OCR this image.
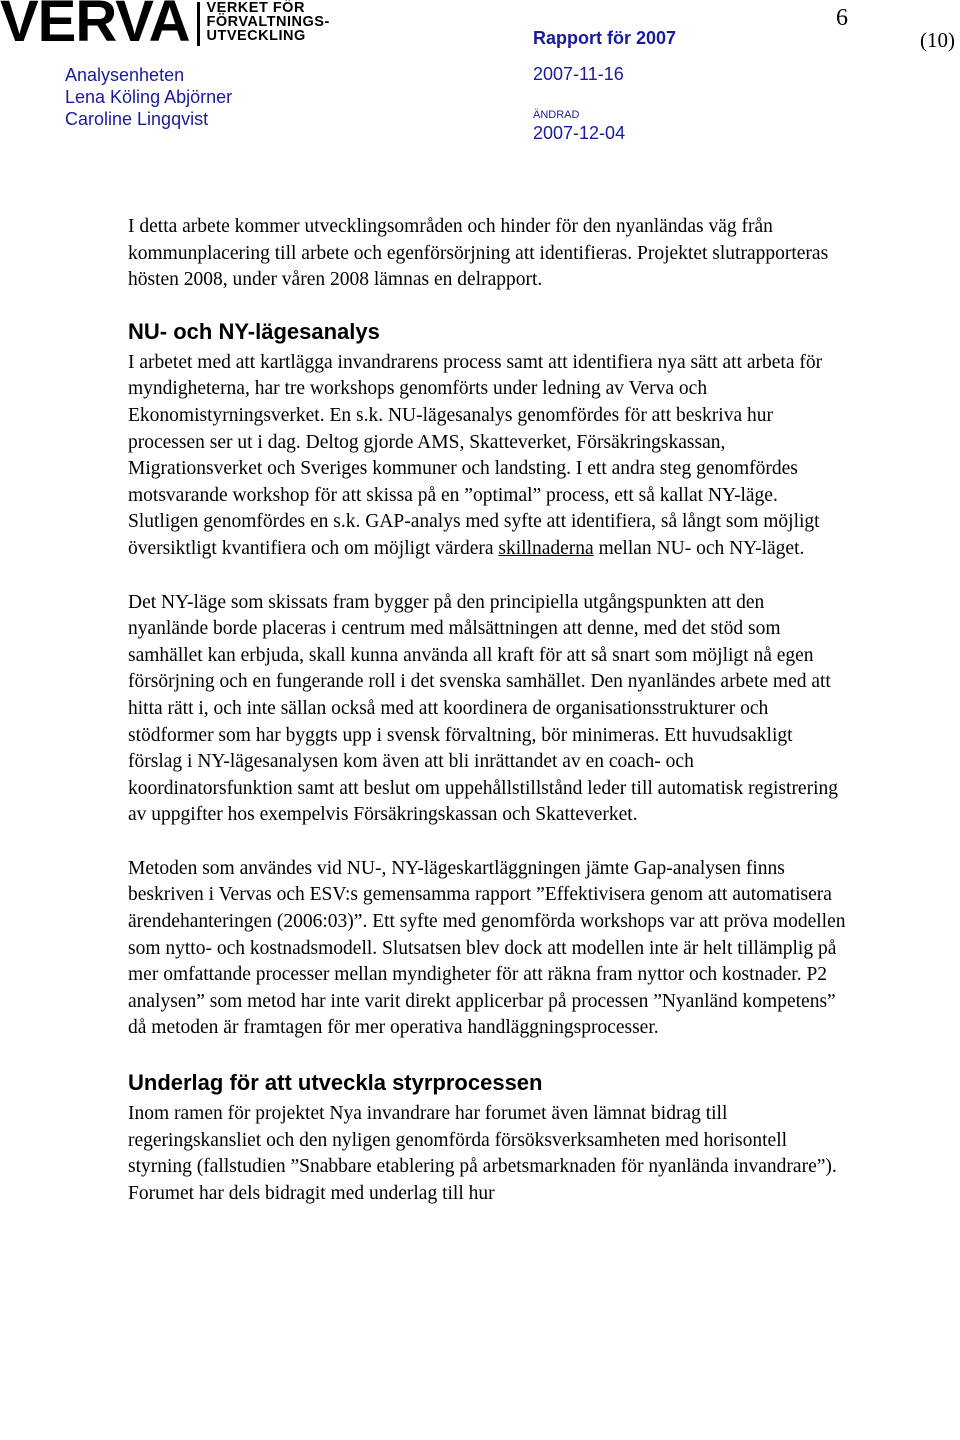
VERVA VERKET FÖR
FÖRVALTNINGS-
UTVECKLING
6
(10)
Rapport för 2007
Analysenheten
Lena Köling Abjörner
Caroline Lingqvist
2007-11-16
ÄNDRAD
2007-12-04

I detta arbete kommer utvecklingsområden och hinder för den nyanländas väg från kommunplacering till arbete och egenförsörjning att identifieras. Projektet slutrapporteras hösten 2008, under våren 2008 lämnas en delrapport.

NU- och NY-lägesanalys

I arbetet med att kartlägga invandrarens process samt att identifiera nya sätt att arbeta för myndigheterna, har tre workshops genomförts under ledning av Verva och Ekonomistyrningsverket. En s.k. NU-lägesanalys genomfördes för att beskriva hur processen ser ut i dag. Deltog gjorde AMS, Skatteverket, Försäkringskassan, Migrationsverket och Sveriges kommuner och landsting. I ett andra steg genomfördes motsvarande workshop för att skissa på en ”optimal” process, ett så kallat NY-läge. Slutligen genomfördes en s.k. GAP-analys med syfte att identifiera, så långt som möjligt översiktligt kvantifiera och om möjligt värdera skillnaderna mellan NU- och NY-läget.

Det NY-läge som skissats fram bygger på den principiella utgångspunkten att den nyanlände borde placeras i centrum med målsättningen att denne, med det stöd som samhället kan erbjuda, skall kunna använda all kraft för att så snart som möjligt nå egen försörjning och en fungerande roll i det svenska samhället. Den nyanländes arbete med att hitta rätt i, och inte sällan också med att koordinera de organisationsstrukturer och stödformer som har byggts upp i svensk förvaltning, bör minimeras. Ett huvudsakligt förslag i NY-lägesanalysen kom även att bli inrättandet av en coach- och koordinatorsfunktion samt att beslut om uppehållstillstånd leder till automatisk registrering av uppgifter hos exempelvis Försäkringskassan och Skatteverket.

Metoden som användes vid NU-, NY-lägeskartläggningen jämte Gap-analysen finns beskriven i Vervas och ESV:s gemensamma rapport ”Effektivisera genom att automatisera ärendehanteringen (2006:03)”. Ett syfte med genomförda workshops var att pröva modellen som nytto- och kostnadsmodell. Slutsatsen blev dock att modellen inte är helt tillämplig på mer omfattande processer mellan myndigheter för att räkna fram nyttor och kostnader. P2 analysen” som metod har inte varit direkt applicerbar på processen ”Nyanländ kompetens” då metoden är framtagen för mer operativa handläggningsprocesser.

Underlag för att utveckla styrprocessen

Inom ramen för projektet Nya invandrare har forumet även lämnat bidrag till regeringskansliet och den nyligen genomförda försöksverksamheten med horisontell styrning (fallstudien ”Snabbare etablering på arbetsmarknaden för nyanlända invandrare”). Forumet har dels bidragit med underlag till hur
